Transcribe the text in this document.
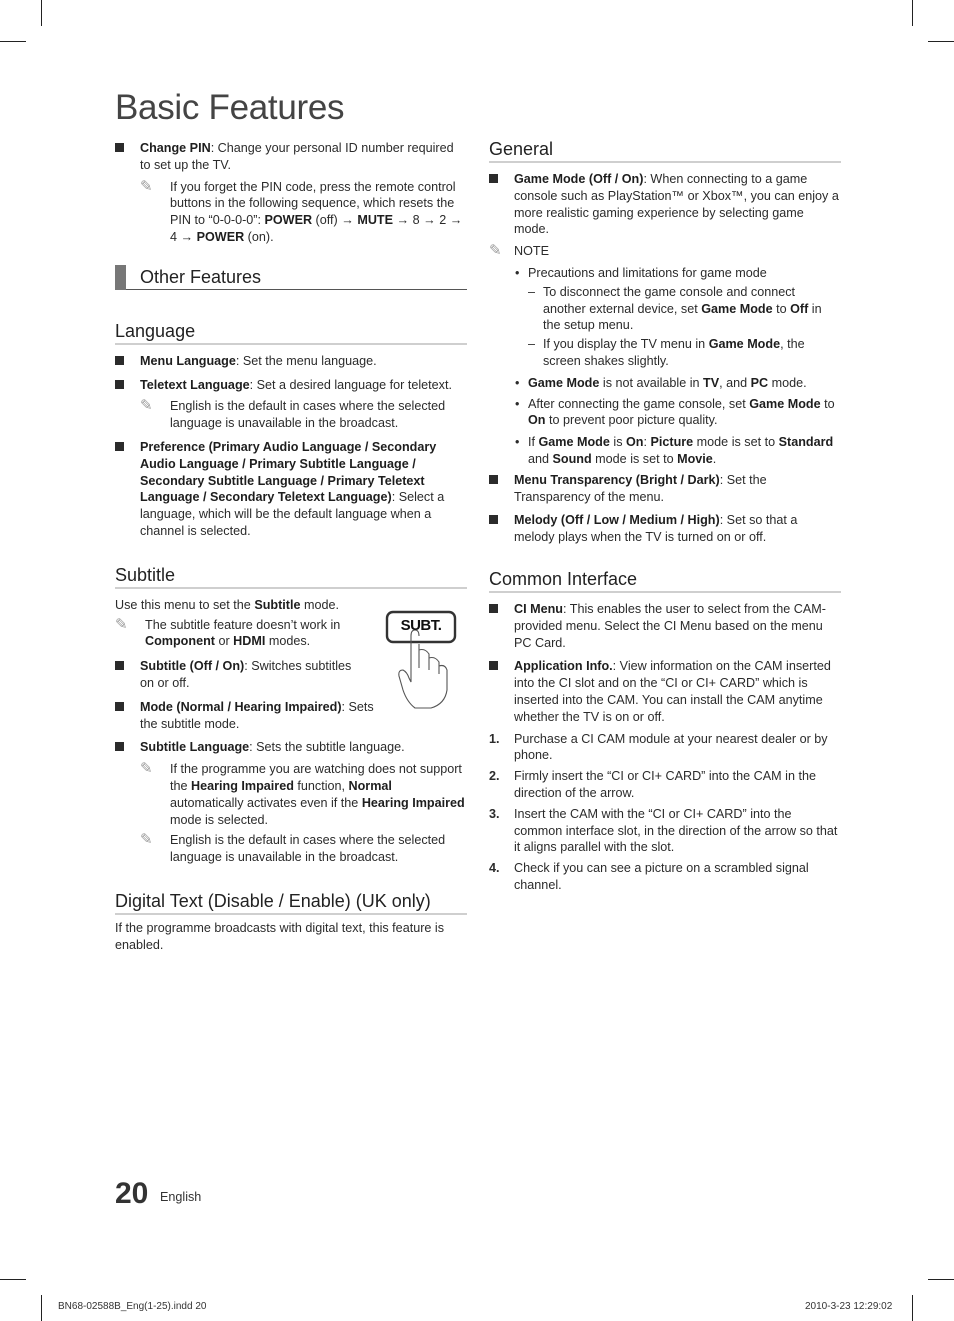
Basic Features
Change PIN: Change your personal ID number required to set up the TV.
✎ If you forget the PIN code, press the remote control buttons in the following sequence, which resets the PIN to “0-0-0-0”: POWER (off) → MUTE → 8 → 2 → 4 → POWER (on).
Other Features
Language
Menu Language: Set the menu language.
Teletext Language: Set a desired language for teletext.
✎ English is the default in cases where the selected language is unavailable in the broadcast.
Preference (Primary Audio Language / Secondary Audio Language / Primary Subtitle Language / Secondary Subtitle Language / Primary Teletext Language / Secondary Teletext Language): Select a language, which will be the default language when a channel is selected.
Subtitle
SUBT.
Use this menu to set the Subtitle mode.
✎ The subtitle feature doesn’t work in Component or HDMI modes.
Subtitle (Off / On): Switches subtitles on or off.
Mode (Normal / Hearing Impaired): Sets the subtitle mode.
Subtitle Language: Sets the subtitle language.
✎ If the programme you are watching does not support the Hearing Impaired function, Normal automatically activates even if the Hearing Impaired mode is selected.
✎ English is the default in cases where the selected language is unavailable in the broadcast.
Digital Text (Disable / Enable) (UK only)
If the programme broadcasts with digital text, this feature is enabled.
General
Game Mode (Off / On): When connecting to a game console such as PlayStation™ or Xbox™, you can enjoy a more realistic gaming experience by selecting game mode.
✎ NOTE
• Precautions and limitations for game mode
– To disconnect the game console and connect another external device, set Game Mode to Off in the setup menu.
– If you display the TV menu in Game Mode, the screen shakes slightly.
• Game Mode is not available in TV, and PC mode.
• After connecting the game console, set Game Mode to On to prevent poor picture quality.
• If Game Mode is On: Picture mode is set to Standard and Sound mode is set to Movie.
Menu Transparency (Bright / Dark): Set the Transparency of the menu.
Melody (Off / Low / Medium / High): Set so that a melody plays when the TV is turned on or off.
Common Interface
CI Menu: This enables the user to select from the CAM-provided menu. Select the CI Menu based on the menu PC Card.
Application Info.: View information on the CAM inserted into the CI slot and on the “CI or CI+ CARD” which is inserted into the CAM. You can install the CAM anytime whether the TV is on or off.
1. Purchase a CI CAM module at your nearest dealer or by phone.
2. Firmly insert the “CI or CI+ CARD” into the CAM in the direction of the arrow.
3. Insert the CAM with the “CI or CI+ CARD” into the common interface slot, in the direction of the arrow so that it aligns parallel with the slot.
4. Check if you can see a picture on a scrambled signal channel.
20 English
BN68-02588B_Eng(1-25).indd 20	2010-3-23 12:29:02
